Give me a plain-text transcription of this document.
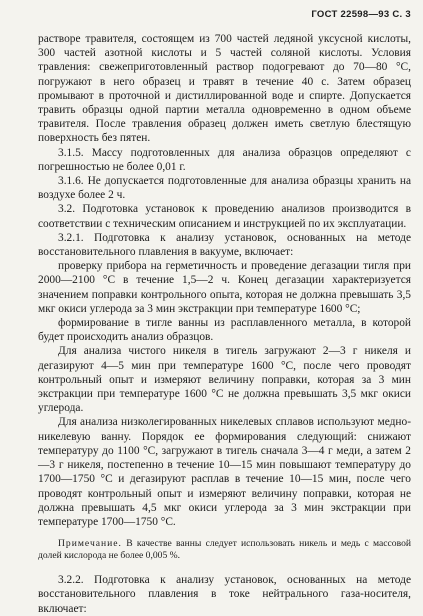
ГОСТ 22598—93 С. 3

раствоpe травителя, состоящем из 700 частей ледяной уксусной кислоты, 300 частей азотной кислоты и 5 частей соляной кислоты. Условия травления: свежеприготовленный раствор подогревают до 70—80 °С, погружают в него образец и травят в течение 40 с. Затем образец промывают в проточной и дистиллированной воде и спирте. Допускается травить образцы одной партии металла одновременно в одном объеме травителя. После травления образец должен иметь светлую блестящую поверхность без пятен.

3.1.5. Массу подготовленных для анализа образцов определяют с погрешностью не более 0,01 г.

3.1.6. Не допускается подготовленные для анализа образцы хранить на воздухе более 2 ч.

3.2. Подготовка установок к проведению анализов производится в соответствии с техническим описанием и инструкцией по их эксплуатации.

3.2.1. Подготовка к анализу установок, основанных на методе восстановительного плавления в вакууме, включает:

проверку прибора на герметичность и проведение дегазации тигля при 2000—2100 °С в течение 1,5—2 ч. Конец дегазации характеризуется значением поправки контрольного опыта, которая не должна превышать 3,5 мкг окиси углерода за 3 мин экстракции при температуре 1600 °С;

формирование в тигле ванны из расплавленного металла, в которой будет происходить анализ образцов.

Для анализа чистого никеля в тигель загружают 2—3 г никеля и дегазируют 4—5 мин при температуре 1600 °С, после чего проводят контрольный опыт и измеряют величину поправки, которая за 3 мин экстракции при температуре 1600 °С не должна превышать 3,5 мкг окиси углерода.

Для анализа низколегированных никелевых сплавов используют медно-никелевую ванну. Порядок ее формирования следующий: снижают температуру до 1100 °С, загружают в тигель сначала 3—4 г меди, а затем 2—3 г никеля, постепенно в течение 10—15 мин повышают температуру до 1700—1750 °С и дегазируют расплав в течение 10—15 мин, после чего проводят контрольный опыт и измеряют величину поправки, которая не должна превышать 4,5 мкг окиси углерода за 3 мин экстракции при температуре 1700—1750 °С.

Примечание. В качестве ванны следует использовать никель и медь с массовой долей кислорода не более 0,005 %.

3.2.2. Подготовка к анализу установок, основанных на методе восстановительного плавления в токе нейтрального газа-носителя, включает:
